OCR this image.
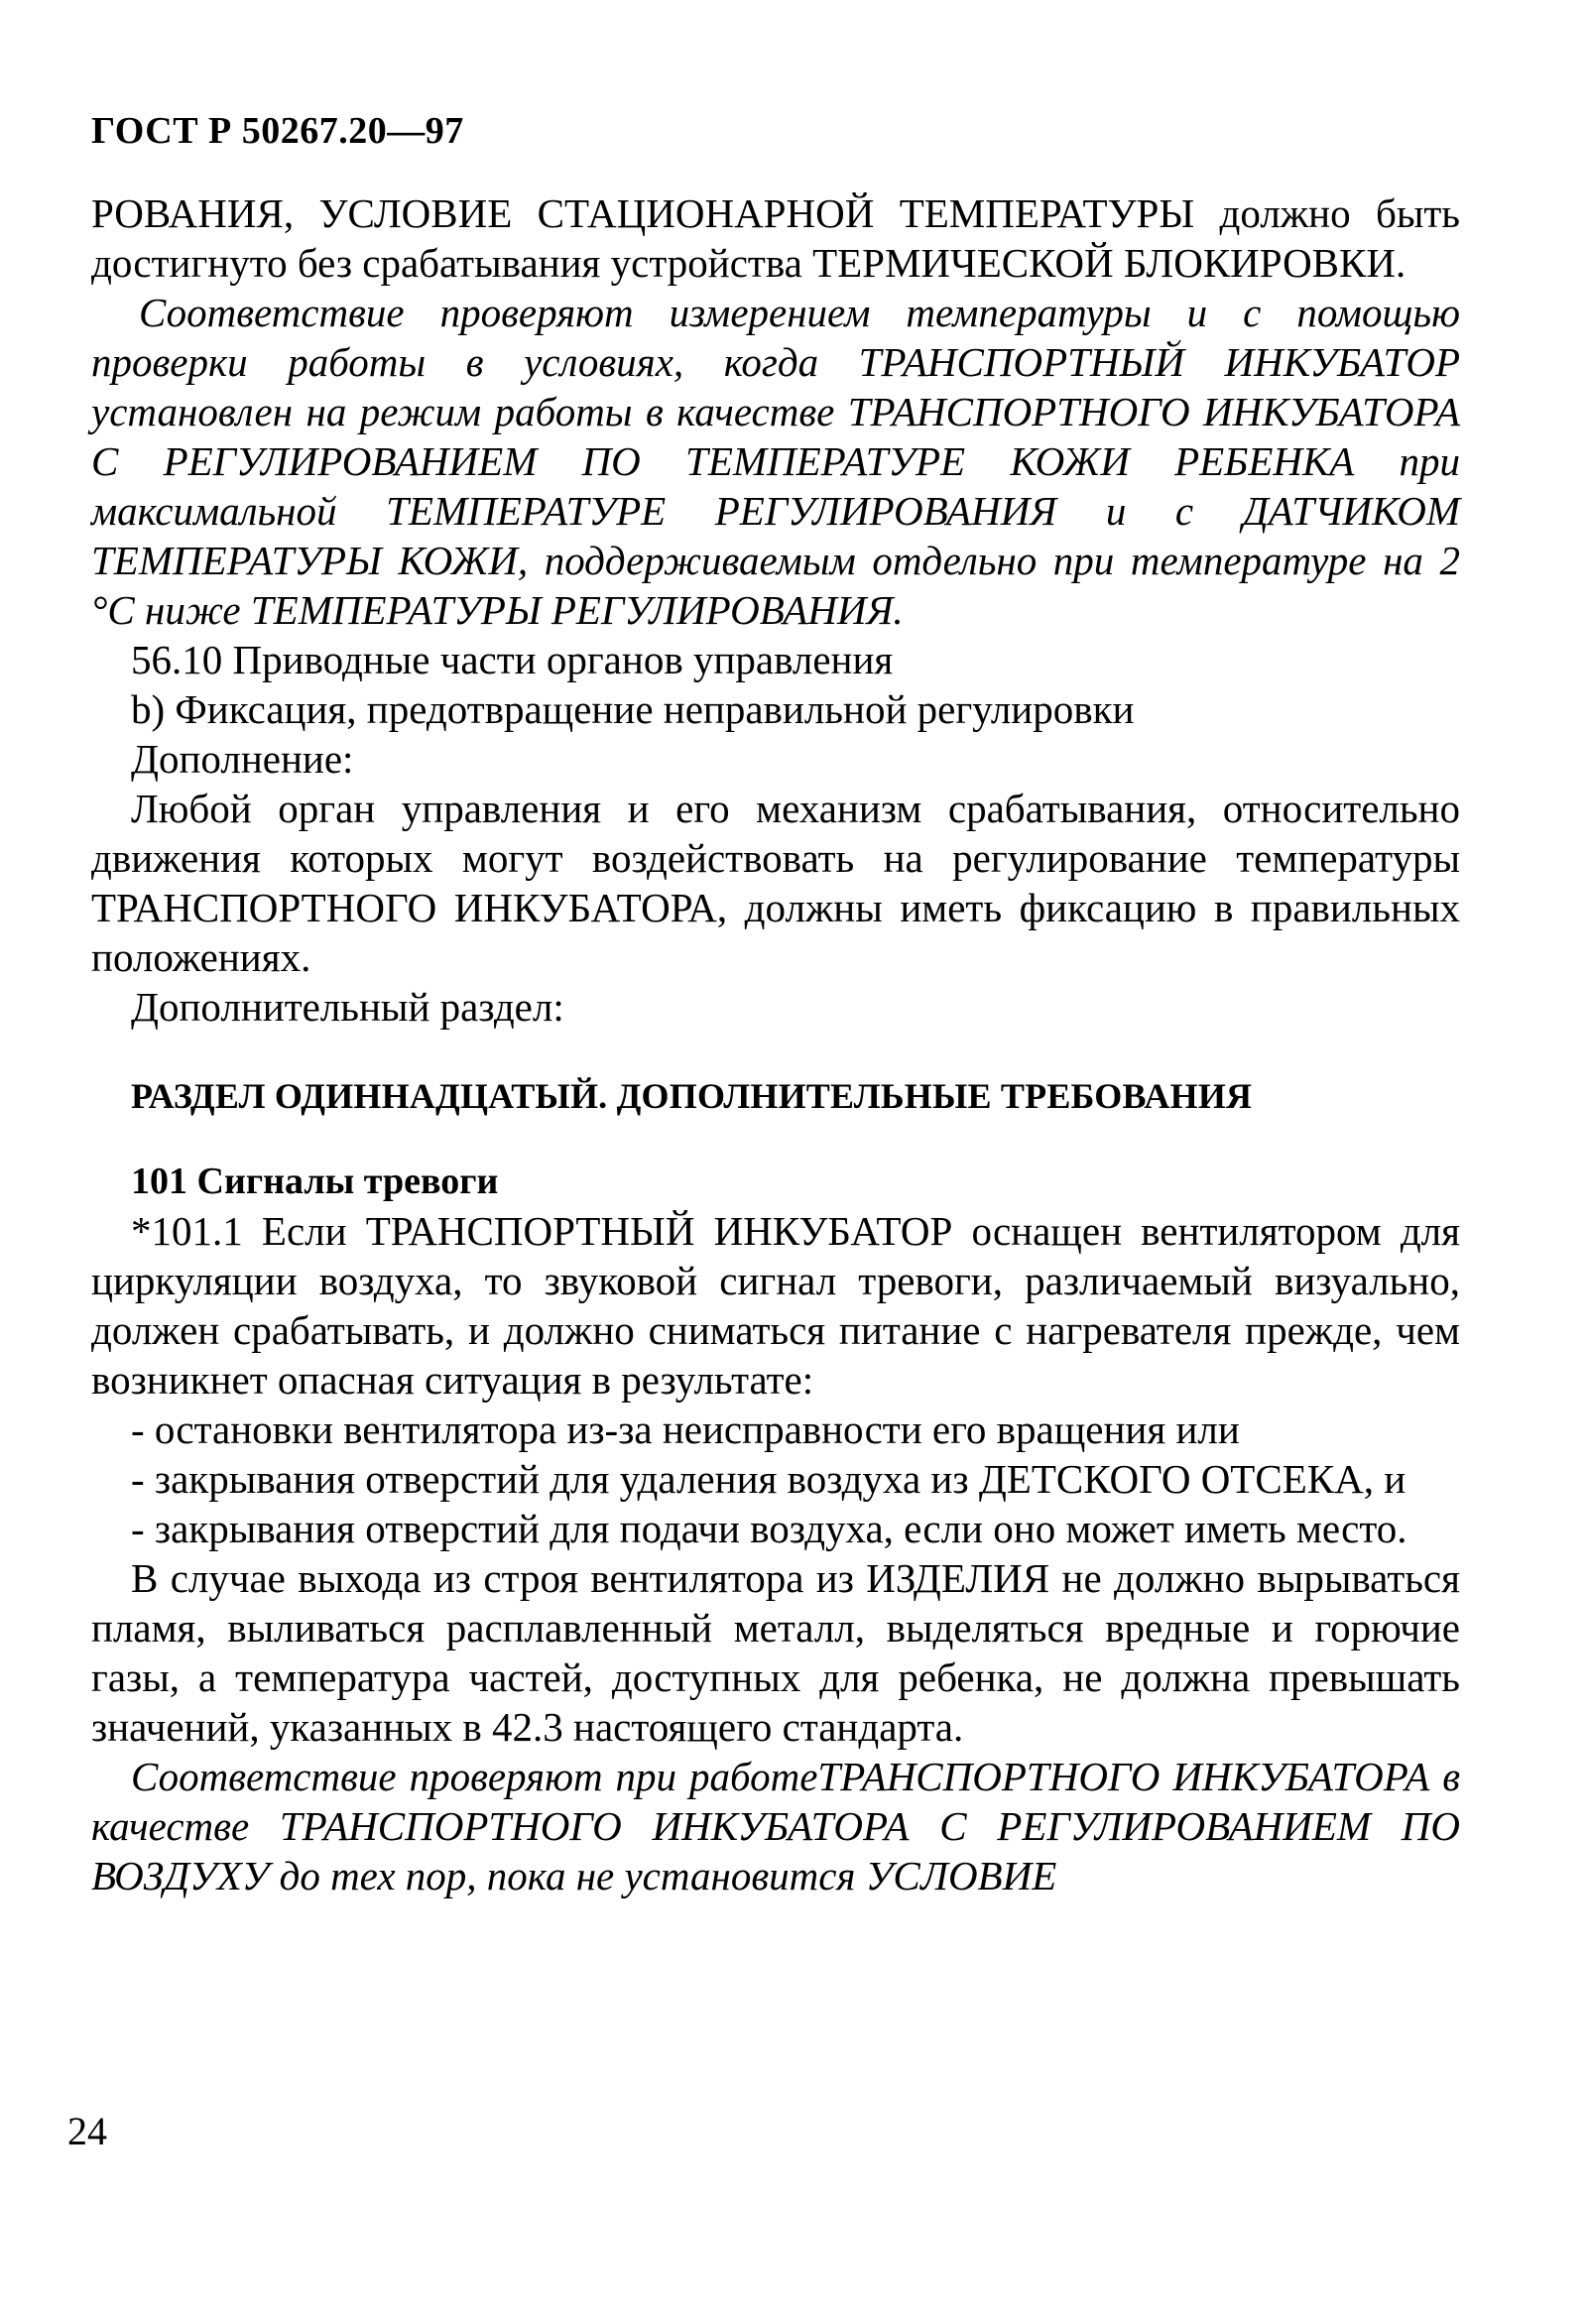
ГОСТ Р 50267.20—97

РОВАНИЯ, УСЛОВИЕ СТАЦИОНАРНОЙ ТЕМПЕРАТУРЫ должно быть достигнуто без срабатывания устройства ТЕРМИЧЕСКОЙ БЛОКИРОВКИ.

Соответствие проверяют измерением температуры и с помощью проверки работы в условиях, когда ТРАНСПОРТНЫЙ ИНКУБАТОР установлен на режим работы в качестве ТРАНСПОРТНОГО ИНКУБАТОРА С РЕГУЛИРОВАНИЕМ ПО ТЕМПЕРАТУРЕ КОЖИ РЕБЕНКА при максимальной ТЕМПЕРАТУРЕ РЕГУЛИРОВАНИЯ и с ДАТЧИКОМ ТЕМПЕРАТУРЫ КОЖИ, поддерживаемым отдельно при температуре на 2 °С ниже ТЕМПЕРАТУРЫ РЕГУЛИРОВАНИЯ.

56.10 Приводные части органов управления

b) Фиксация, предотвращение неправильной регулировки

Дополнение:

Любой орган управления и его механизм срабатывания, относительно движения которых могут воздействовать на регулирование температуры ТРАНСПОРТНОГО ИНКУБАТОРА, должны иметь фиксацию в правильных положениях.

Дополнительный раздел:

РАЗДЕЛ ОДИННАДЦАТЫЙ. ДОПОЛНИТЕЛЬНЫЕ ТРЕБОВАНИЯ
101 Сигналы тревоги

*101.1 Если ТРАНСПОРТНЫЙ ИНКУБАТОР оснащен вентилятором для циркуляции воздуха, то звуковой сигнал тревоги, различаемый визуально, должен срабатывать, и должно сниматься питание с нагревателя прежде, чем возникнет опасная ситуация в результате:

- остановки вентилятора из-за неисправности его вращения или

- закрывания отверстий для удаления воздуха из ДЕТСКОГО ОТСЕКА, и

- закрывания отверстий для подачи воздуха, если оно может иметь место.

В случае выхода из строя вентилятора из ИЗДЕЛИЯ не должно вырываться пламя, выливаться расплавленный металл, выделяться вредные и горючие газы, а температура частей, доступных для ребенка, не должна превышать значений, указанных в 42.3 настоящего стандарта.

Соответствие проверяют при работеТРАНСПОРТНОГО ИНКУБАТОРА в качестве ТРАНСПОРТНОГО ИНКУБАТОРА С РЕГУЛИРОВАНИЕМ ПО ВОЗДУХУ до тех пор, пока не установится УСЛОВИЕ

24
